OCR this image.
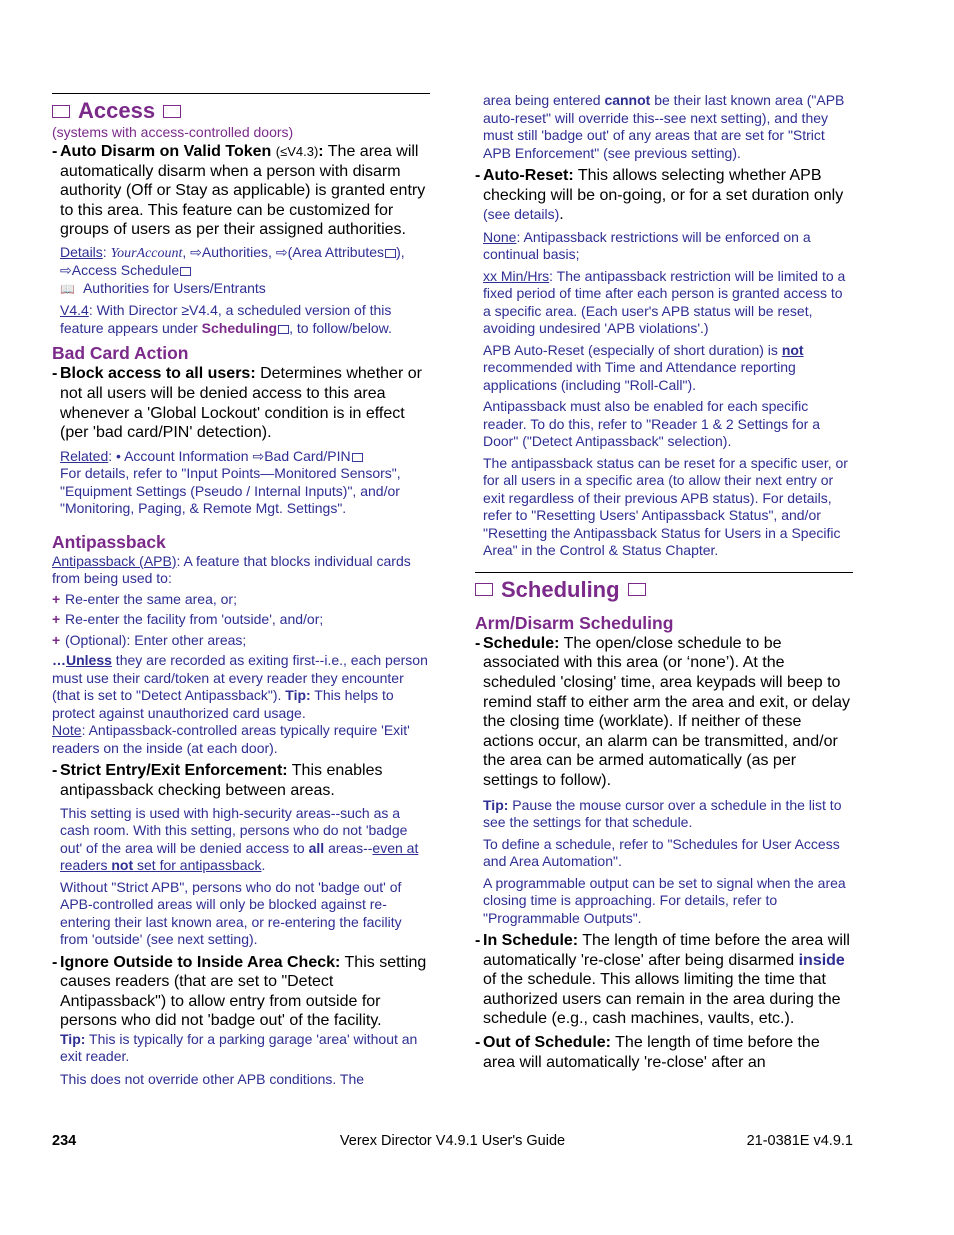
Access
(systems with access-controlled doors)
- Auto Disarm on Valid Token (≤V4.3): The area will automatically disarm when a person with disarm authority (Off or Stay as applicable) is granted entry to this area. This feature can be customized for groups of users as per their assigned authorities.
Details: YourAccount, ⇨Authorities, ⇨(Area Attributes ), ⇨Access Schedule
📖 Authorities for Users/Entrants
V4.4: With Director ≥V4.4, a scheduled version of this feature appears under Scheduling , to follow/below.
Bad Card Action
- Block access to all users: Determines whether or not all users will be denied access to this area whenever a 'Global Lockout' condition is in effect (per 'bad card/PIN' detection).
Related: • Account Information ⇨Bad Card/PIN
For details, refer to "Input Points—Monitored Sensors", "Equipment Settings (Pseudo / Internal Inputs)", and/or "Monitoring, Paging, & Remote Mgt. Settings".
Antipassback
Antipassback (APB): A feature that blocks individual cards from being used to:
+ Re-enter the same area, or;
+ Re-enter the facility from 'outside', and/or;
+ (Optional): Enter other areas;
…Unless they are recorded as exiting first--i.e., each person must use their card/token at every reader they encounter (that is set to "Detect Antipassback"). Tip: This helps to protect against unauthorized card usage.
Note: Antipassback-controlled areas typically require 'Exit' readers on the inside (at each door).
- Strict Entry/Exit Enforcement: This enables antipassback checking between areas.
This setting is used with high-security areas--such as a cash room. With this setting, persons who do not 'badge out' of the area will be denied access to all areas--even at readers not set for antipassback.
Without "Strict APB", persons who do not 'badge out' of APB-controlled areas will only be blocked against re-entering their last known area, or re-entering the facility from 'outside' (see next setting).
- Ignore Outside to Inside Area Check: This setting causes readers (that are set to "Detect Antipassback") to allow entry from outside for persons who did not 'badge out' of the facility.
Tip: This is typically for a parking garage 'area' without an exit reader.
This does not override other APB conditions. The
area being entered cannot be their last known area ("APB auto-reset" will override this--see next setting), and they must still 'badge out' of any areas that are set for "Strict APB Enforcement" (see previous setting).
- Auto-Reset: This allows selecting whether APB checking will be on-going, or for a set duration only (see details).
None: Antipassback restrictions will be enforced on a continual basis;
xx Min/Hrs: The antipassback restriction will be limited to a fixed period of time after each person is granted access to a specific area. (Each user's APB status will be reset, avoiding undesired 'APB violations'.)
APB Auto-Reset (especially of short duration) is not recommended with Time and Attendance reporting applications (including "Roll-Call").
Antipassback must also be enabled for each specific reader. To do this, refer to "Reader 1 & 2 Settings for a Door" ("Detect Antipassback" selection).
The antipassback status can be reset for a specific user, or for all users in a specific area (to allow their next entry or exit regardless of their previous APB status). For details, refer to "Resetting Users' Antipassback Status", and/or "Resetting the Antipassback Status for Users in a Specific Area" in the Control & Status Chapter.
Scheduling
Arm/Disarm Scheduling
- Schedule: The open/close schedule to be associated with this area (or ‘none’). At the scheduled 'closing' time, area keypads will beep to remind staff to either arm the area and exit, or delay the closing time (worklate). If neither of these actions occur, an alarm can be transmitted, and/or the area can be armed automatically (as per settings to follow).
Tip: Pause the mouse cursor over a schedule in the list to see the settings for that schedule.
To define a schedule, refer to "Schedules for User Access and Area Automation".
A programmable output can be set to signal when the area closing time is approaching. For details, refer to "Programmable Outputs".
- In Schedule: The length of time before the area will automatically 're-close' after being disarmed inside of the schedule. This allows limiting the time that authorized users can remain in the area during the schedule (e.g., cash machines, vaults, etc.).
- Out of Schedule: The length of time before the area will automatically 're-close' after an
234	Verex Director V4.9.1 User's Guide	21-0381E v4.9.1
